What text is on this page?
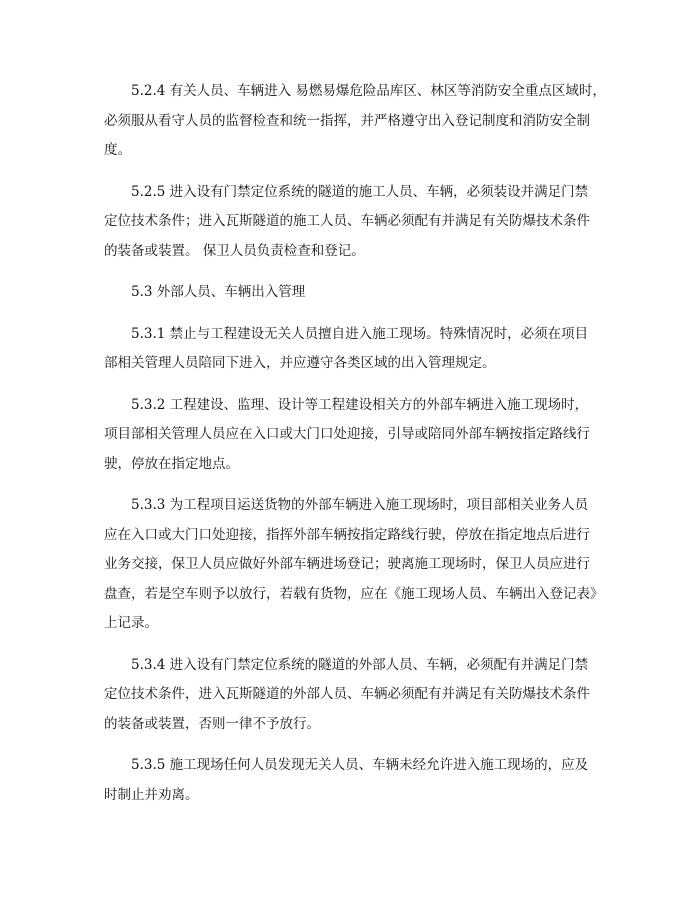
5.2.4 有关人员、车辆进入 易燃易爆危险品库区、林区等消防安全重点区域时，
必须服从看守人员的监督检查和统一指挥，并严格遵守出入登记制度和消防安全制
度。

5.2.5 进入设有门禁定位系统的隧道的施工人员、车辆，必须装设并满足门禁
定位技术条件；进入瓦斯隧道的施工人员、车辆必须配有并满足有关防爆技术条件
的装备或装置。 保卫人员负责检查和登记。

5.3 外部人员、车辆出入管理

5.3.1 禁止与工程建设无关人员擅自进入施工现场。特殊情况时，必须在项目
部相关管理人员陪同下进入，并应遵守各类区域的出入管理规定。

5.3.2 工程建设、监理、设计等工程建设相关方的外部车辆进入施工现场时，
项目部相关管理人员应在入口或大门口处迎接，引导或陪同外部车辆按指定路线行
驶，停放在指定地点。

5.3.3 为工程项目运送货物的外部车辆进入施工现场时，项目部相关业务人员
应在入口或大门口处迎接，指挥外部车辆按指定路线行驶，停放在指定地点后进行
业务交接，保卫人员应做好外部车辆进场登记；驶离施工现场时，保卫人员应进行
盘查，若是空车则予以放行，若载有货物，应在《施工现场人员、车辆出入登记表》
上记录。

5.3.4 进入设有门禁定位系统的隧道的外部人员、车辆，必须配有并满足门禁
定位技术条件，进入瓦斯隧道的外部人员、车辆必须配有并满足有关防爆技术条件
的装备或装置，否则一律不予放行。

5.3.5 施工现场任何人员发现无关人员、车辆未经允许进入施工现场的，应及
时制止并劝离。
